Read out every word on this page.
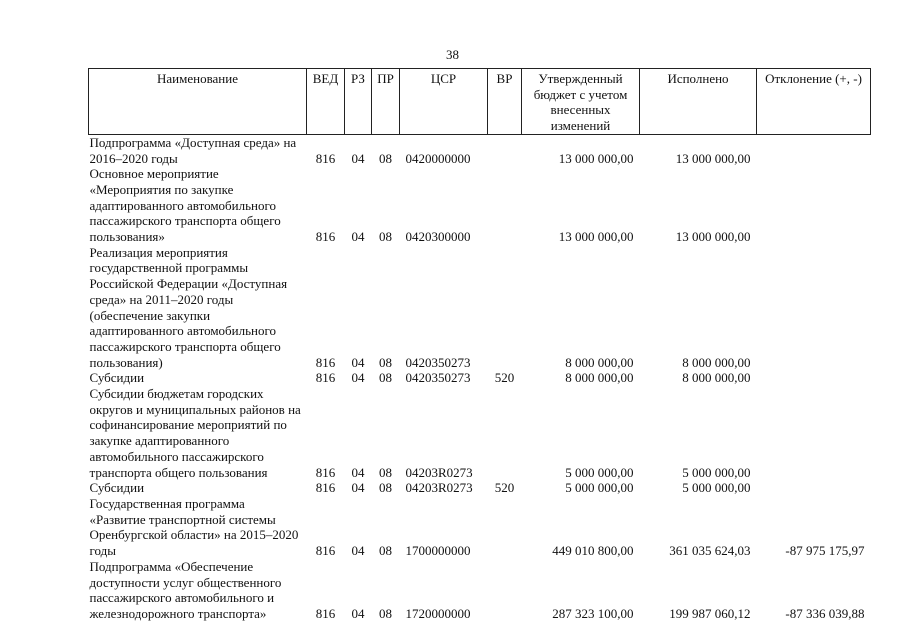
38
Наименование	ВЕД	РЗ	ПР	ЦСР	ВР	Утвержденный бюджет с учетом внесенных изменений	Исполнено	Отклонение (+, -)
Подпрограмма «Доступная среда» на 2016–2020 годы	816	04	08	0420000000		13 000 000,00	13 000 000,00	
Основное мероприятие «Мероприятия по закупке адаптированного автомобильного пассажирского транспорта общего пользования»	816	04	08	0420300000		13 000 000,00	13 000 000,00	
Реализация мероприятия государственной программы Российской Федерации «Доступная среда» на 2011–2020 годы (обеспечение закупки адаптированного автомобильного пассажирского транспорта общего пользования)	816	04	08	0420350273		8 000 000,00	8 000 000,00	
Субсидии	816	04	08	0420350273	520	8 000 000,00	8 000 000,00	
Субсидии бюджетам городских округов и муниципальных районов на софинансирование мероприятий по закупке адаптированного автомобильного пассажирского транспорта общего пользования	816	04	08	04203R0273		5 000 000,00	5 000 000,00	
Субсидии	816	04	08	04203R0273	520	5 000 000,00	5 000 000,00	
Государственная программа «Развитие транспортной системы Оренбургской области» на 2015–2020 годы	816	04	08	1700000000		449 010 800,00	361 035 624,03	-87 975 175,97
Подпрограмма «Обеспечение доступности услуг общественного пассажирского автомобильного и железнодорожного транспорта»	816	04	08	1720000000		287 323 100,00	199 987 060,12	-87 336 039,88
